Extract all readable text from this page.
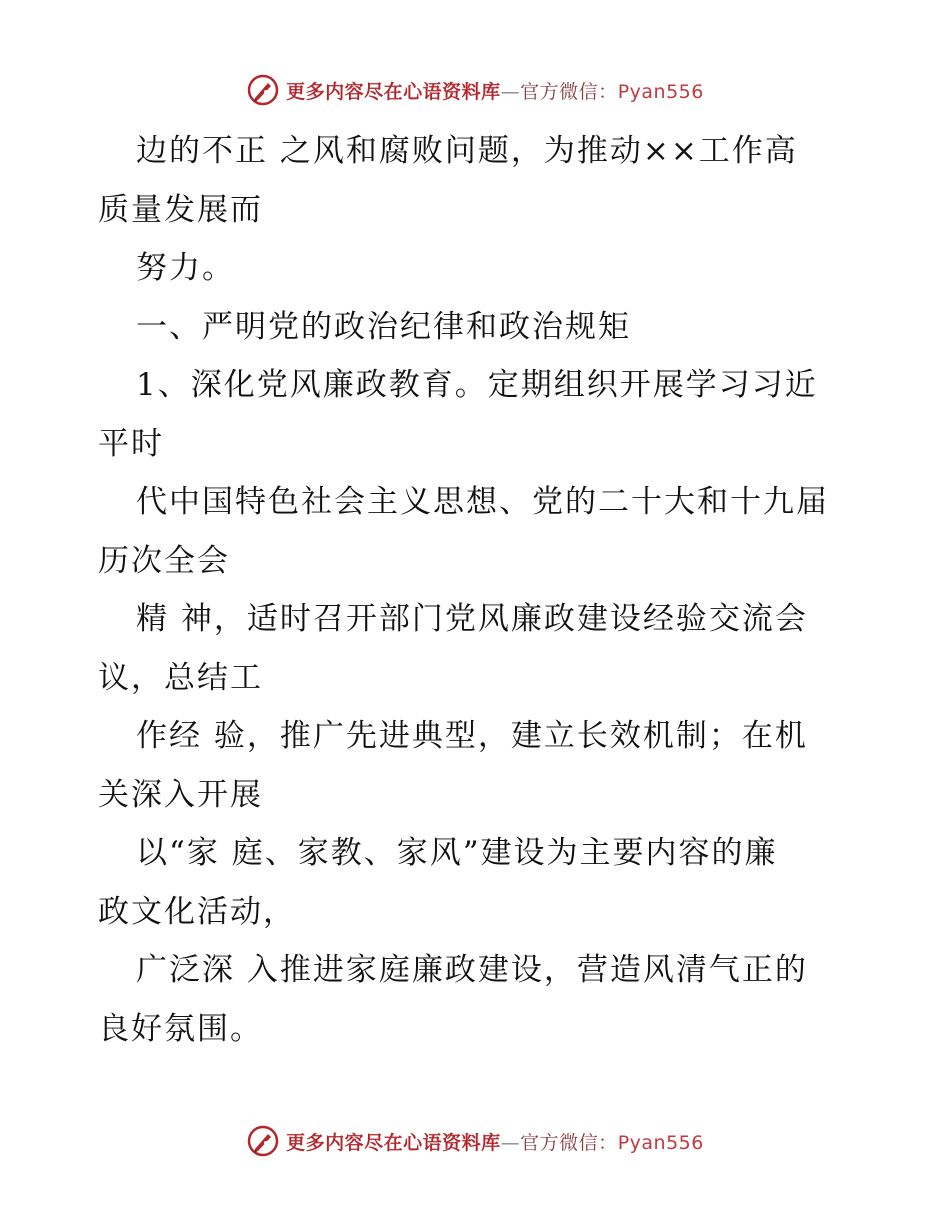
更多内容尽在心语资料库—官方微信：Pyan556
边的不正 之风和腐败问题，为推动××工作高
质量发展而
努力。
一、严明党的政治纪律和政治规矩
1、深化党风廉政教育。定期组织开展学习习近
平时
代中国特色社会主义思想、党的二十大和十九届
历次全会
精 神，适时召开部门党风廉政建设经验交流会
议，总结工
作经 验，推广先进典型，建立长效机制；在机
关深入开展
以“家 庭、家教、家风”建设为主要内容的廉
政文化活动，
广泛深 入推进家庭廉政建设，营造风清气正的
良好氛围。
更多内容尽在心语资料库—官方微信：Pyan556
